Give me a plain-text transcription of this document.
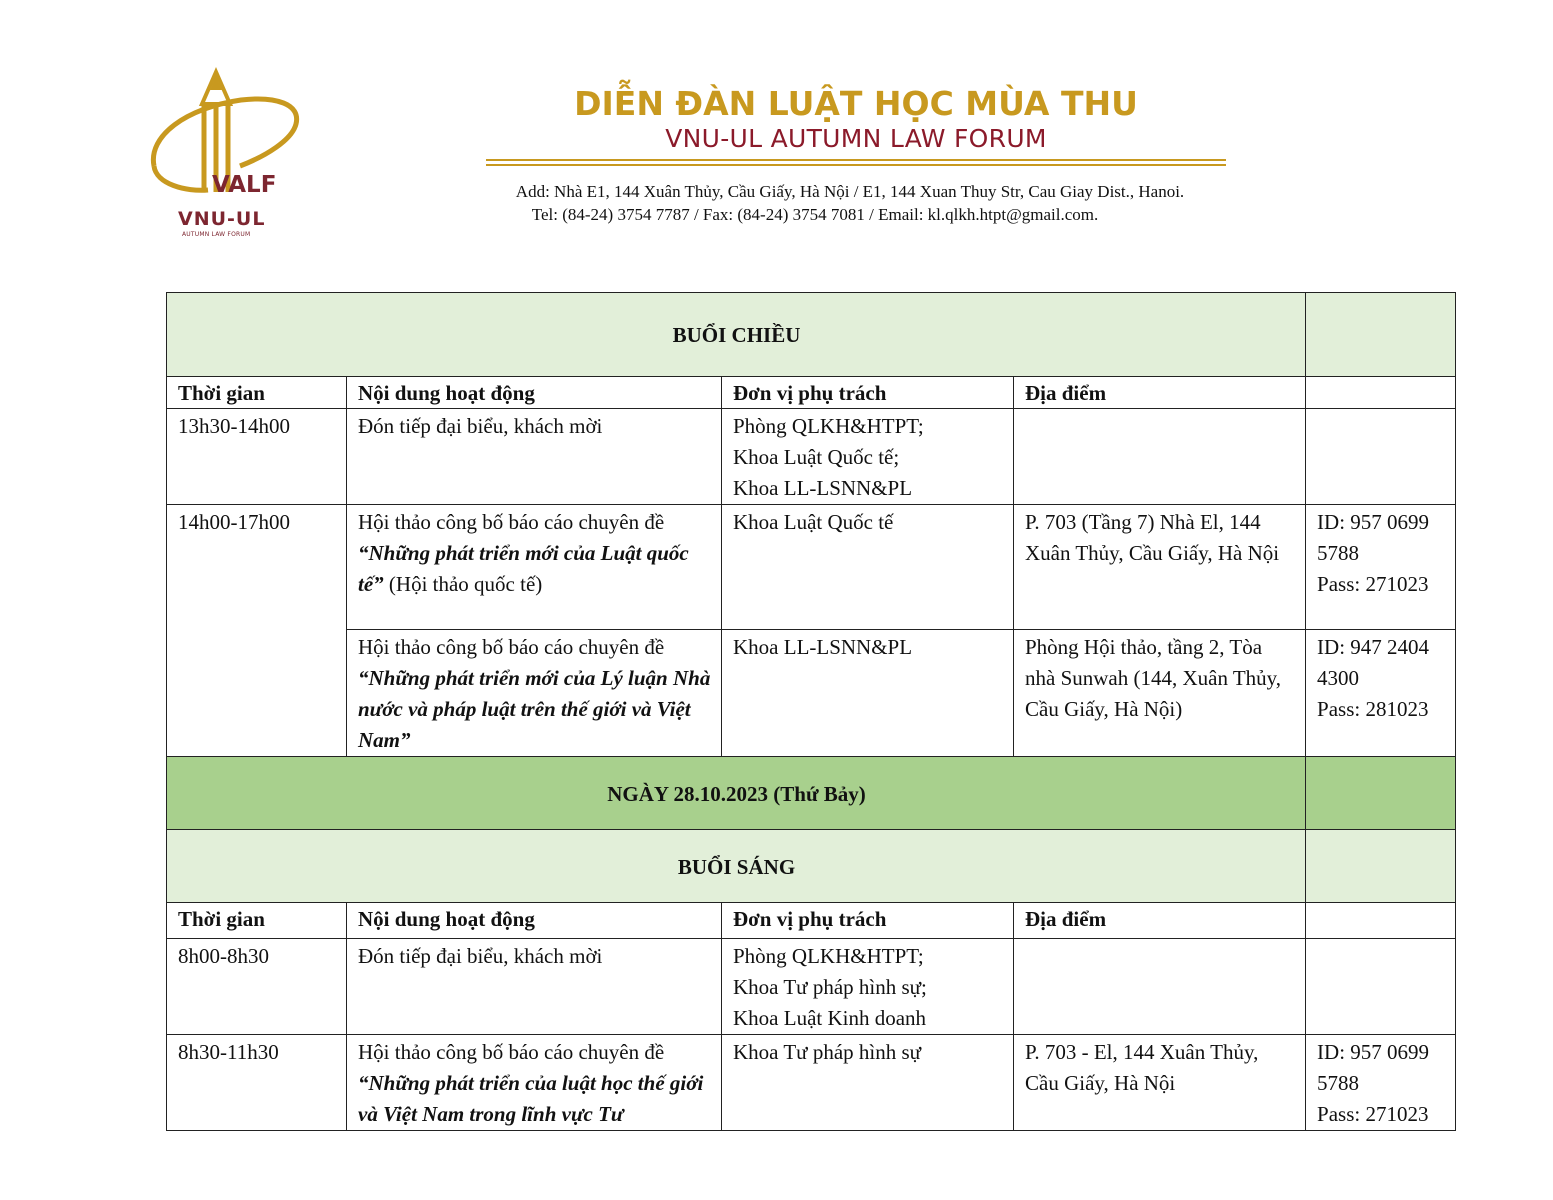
VALF
VNU-UL
AUTUMN LAW FORUM
DIỄN ĐÀN LUẬT HỌC MÙA THU
VNU-UL AUTUMN LAW FORUM
Add: Nhà E1, 144 Xuân Thủy, Cầu Giấy, Hà Nội / E1, 144 Xuan Thuy Str, Cau Giay Dist., Hanoi.
Tel: (84-24) 3754 7787 / Fax: (84-24) 3754 7081 / Email: kl.qlkh.htpt@gmail.com.
BUỔI CHIỀU				
Thời gian	Nội dung hoạt động	Đơn vị phụ trách	Địa điểm	
13h30-14h00	Đón tiếp đại biểu, khách mời	Phòng QLKH&HTPT;
Khoa Luật Quốc tế;
Khoa LL-LSNN&PL		

14h00-17h00	Hội thảo công bố báo cáo chuyên đề “Những phát triển mới của Luật quốc tế” (Hội thảo quốc tế)	Khoa Luật Quốc tế	P. 703 (Tầng 7) Nhà El, 144 Xuân Thủy, Cầu Giấy, Hà Nội	ID: 957 0699 5788
Pass: 271023

	Hội thảo công bố báo cáo chuyên đề “Những phát triển mới của Lý luận Nhà nước và pháp luật trên thế giới và Việt Nam”	Khoa LL-LSNN&PL	Phòng Hội thảo, tầng 2, Tòa nhà Sunwah (144, Xuân Thủy, Cầu Giấy, Hà Nội)	ID: 947 2404 4300
Pass: 281023

NGÀY 28.10.2023 (Thứ Bảy)				
BUỔI SÁNG				
Thời gian	Nội dung hoạt động	Đơn vị phụ trách	Địa điểm	
8h00-8h30	Đón tiếp đại biểu, khách mời	Phòng QLKH&HTPT;
Khoa Tư pháp hình sự;
Khoa Luật Kinh doanh		

8h30-11h30	Hội thảo công bố báo cáo chuyên đề “Những phát triển của luật học thế giới và Việt Nam trong lĩnh vực Tư	Khoa Tư pháp hình sự	P. 703 - El, 144 Xuân Thủy, Cầu Giấy, Hà Nội	ID: 957 0699 5788
Pass: 271023
